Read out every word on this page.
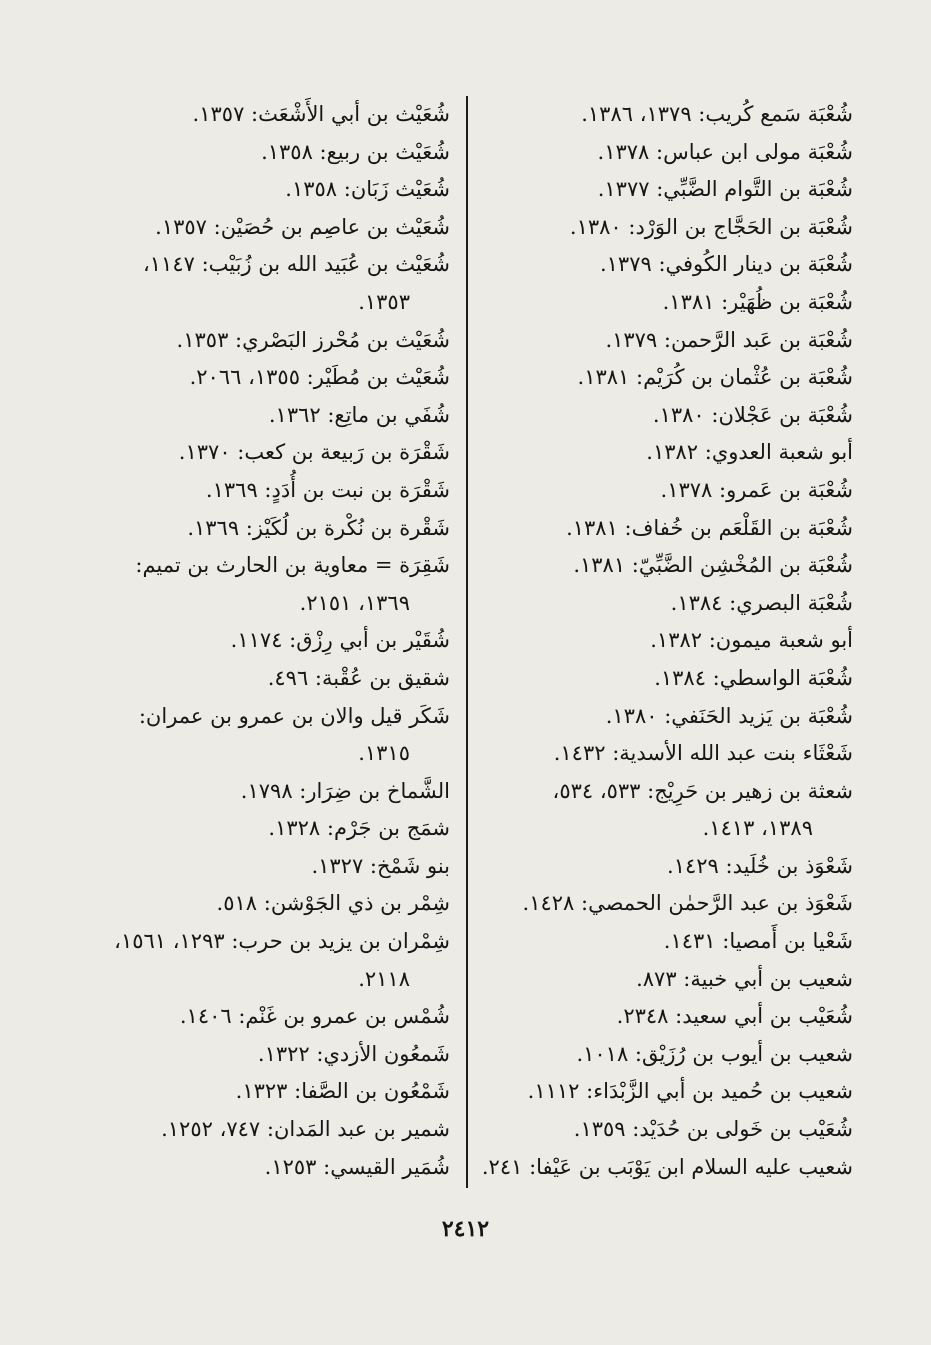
شُعْبَة سَمع كُريب: ١٣٧٩، ١٣٨٦.
شُعْبَة مولى ابن عباس: ١٣٧٨.
شُعْبَة بن التَّوام الضَّبِّي: ١٣٧٧.
شُعْبَة بن الحَجَّاج بن الوَرْد: ١٣٨٠.
شُعْبَة بن دينار الكُوفي: ١٣٧٩.
شُعْبَة بن ظُهَيْر: ١٣٨١.
شُعْبَة بن عَبد الرَّحمن: ١٣٧٩.
شُعْبَة بن عُثْمان بن كُرَيْم: ١٣٨١.
شُعْبَة بن عَجْلان: ١٣٨٠.
أبو شعبة العدوي: ١٣٨٢.
شُعْبَة بن عَمرو: ١٣٧٨.
شُعْبَة بن القَلْعَم بن خُفاف: ١٣٨١.
شُعْبَة بن المُخْشِن الضَّبِّيّ: ١٣٨١.
شُعْبَة البصري: ١٣٨٤.
أبو شعبة ميمون: ١٣٨٢.
شُعْبَة الواسطي: ١٣٨٤.
شُعْبَة بن يَزيد الحَنَفي: ١٣٨٠.
شَعْثَاء بنت عبد الله الأسدية: ١٤٣٢.
شعثة بن زهير بن حَرِيْج: ٥٣٣، ٥٣٤،
١٣٨٩، ١٤١٣.
شَعْوَذ بن خُلَيد: ١٤٢٩.
شَعْوَذ بن عبد الرَّحمٰن الحمصي: ١٤٢٨.
شَعْيا بن أَمصيا: ١٤٣١.
شعيب بن أبي خبية: ٨٧٣.
شُعَيْب بن أبي سعيد: ٢٣٤٨.
شعيب بن أيوب بن رُزَيْق: ١٠١٨.
شعيب بن حُميد بن أبي الزَّبْدَاء: ١١١٢.
شُعَيْب بن خَولى بن حُدَيْد: ١٣٥٩.
شعيب عليه السلام ابن يَوْبَب بن عَيْفا: ٢٤١.
شُعَيْث بن أبي الأَشْعَث: ١٣٥٧.
شُعَيْث بن ربيع: ١٣٥٨.
شُعَيْث زَبَان: ١٣٥٨.
شُعَيْث بن عاصِم بن حُصَيْن: ١٣٥٧.
شُعَيْث بن عُبَيد الله بن زُبَيْب: ١١٤٧،
١٣٥٣.
شُعَيْث بن مُحْرز البَصْري: ١٣٥٣.
شُعَيْث بن مُطَيْر: ١٣٥٥، ٢٠٦٦.
شُفَي بن ماتِع: ١٣٦٢.
شَقْرَة بن رَبيعة بن كعب: ١٣٧٠.
شَقْرَة بن نبت بن أُدَدٍ: ١٣٦٩.
شَقْرة بن نُكْرة بن لُكَيْز: ١٣٦٩.
شَقِرَة = معاوية بن الحارث بن تميم:
١٣٦٩، ٢١٥١.
شُقَيْر بن أبي رِزْق: ١١٧٤.
شقيق بن عُقْبة: ٤٩٦.
شَكَر قيل والان بن عمرو بن عمران:
١٣١٥.
الشَّماخ بن ضِرَار: ١٧٩٨.
شمَج بن جَرْم: ١٣٢٨.
بنو شَمْخ: ١٣٢٧.
شِمْر بن ذي الجَوْشن: ٥١٨.
شِمْران بن يزيد بن حرب: ١٢٩٣، ١٥٦١،
٢١١٨.
شُمْس بن عمرو بن غَنْم: ١٤٠٦.
شَمعُون الأزدي: ١٣٢٢.
شَمْعُون بن الصَّفا: ١٣٢٣.
شمير بن عبد المَدان: ٧٤٧، ١٢٥٢.
شُمَير القيسي: ١٢٥٣.
٢٤١٢
